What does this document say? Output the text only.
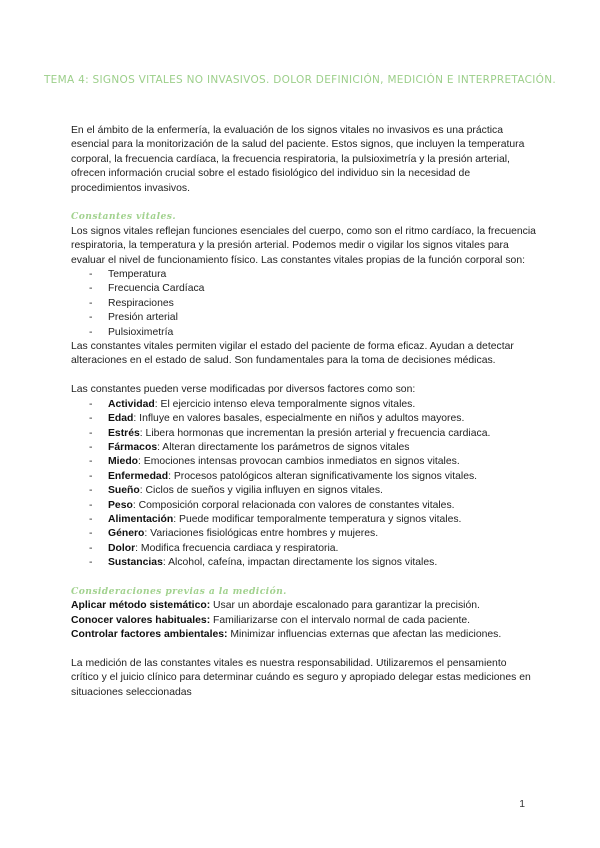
TEMA 4: SIGNOS VITALES NO INVASIVOS. DOLOR DEFINICIÓN, MEDICIÓN E INTERPRETACIÓN.

En el ámbito de la enfermería, la evaluación de los signos vitales no invasivos es una práctica esencial para la monitorización de la salud del paciente. Estos signos, que incluyen la temperatura corporal, la frecuencia cardíaca, la frecuencia respiratoria, la pulsioximetría y la presión arterial, ofrecen información crucial sobre el estado fisiológico del individuo sin la necesidad de procedimientos invasivos.

Constantes vitales.

Los signos vitales reflejan funciones esenciales del cuerpo, como son el ritmo cardíaco, la frecuencia respiratoria, la temperatura y la presión arterial. Podemos medir o vigilar los signos vitales para evaluar el nivel de funcionamiento físico. Las constantes vitales propias de la función corporal son:

- Temperatura
- Frecuencia Cardíaca
- Respiraciones
- Presión arterial
- Pulsioximetría

Las constantes vitales permiten vigilar el estado del paciente de forma eficaz. Ayudan a detectar alteraciones en el estado de salud. Son fundamentales para la toma de decisiones médicas.

Las constantes pueden verse modificadas por diversos factores como son:

- Actividad: El ejercicio intenso eleva temporalmente signos vitales.
- Edad: Influye en valores basales, especialmente en niños y adultos mayores.
- Estrés: Libera hormonas que incrementan la presión arterial y frecuencia cardiaca.
- Fármacos: Alteran directamente los parámetros de signos vitales
- Miedo: Emociones intensas provocan cambios inmediatos en signos vitales.
- Enfermedad: Procesos patológicos alteran significativamente los signos vitales.
- Sueño: Ciclos de sueños y vigilia influyen en signos vitales.
- Peso: Composición corporal relacionada con valores de constantes vitales.
- Alimentación: Puede modificar temporalmente temperatura y signos vitales.
- Género: Variaciones fisiológicas entre hombres y mujeres.
- Dolor: Modifica frecuencia cardiaca y respiratoria.
- Sustancias: Alcohol, cafeína, impactan directamente los signos vitales.

Consideraciones previas a la medición.

Aplicar método sistemático: Usar un abordaje escalonado para garantizar la precisión.

Conocer valores habituales: Familiarizarse con el intervalo normal de cada paciente.

Controlar factores ambientales: Minimizar influencias externas que afectan las mediciones.

La medición de las constantes vitales es nuestra responsabilidad. Utilizaremos el pensamiento crítico y el juicio clínico para determinar cuándo es seguro y apropiado delegar estas mediciones en situaciones seleccionadas

1
